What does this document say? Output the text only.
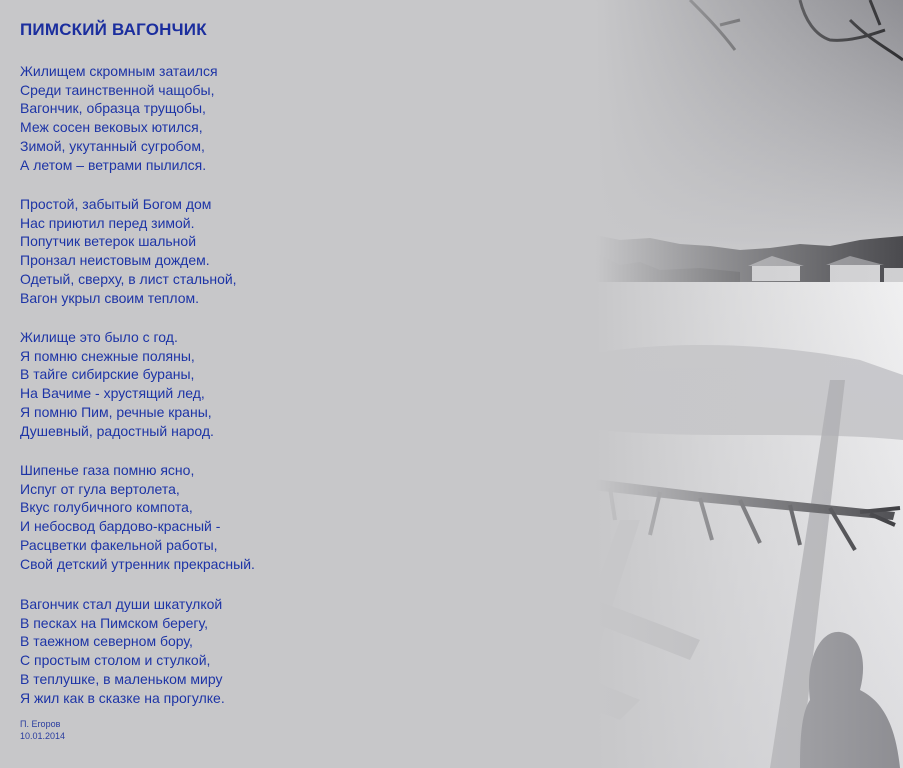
ПИМСКИЙ ВАГОНЧИК
Жилищем скромным затаился
Среди таинственной чащобы,
Вагончик, образца трущобы,
Меж сосен вековых ютился,
Зимой, укутанный сугробом,
А летом – ветрами пылился.
Простой, забытый Богом дом
Нас приютил перед зимой.
Попутчик ветерок шальной
Пронзал неистовым дождем.
Одетый, сверху, в лист стальной,
Вагон укрыл своим теплом.
Жилище это было с год.
Я помню снежные поляны,
В тайге сибирские бураны,
На Вачиме - хрустящий лед,
Я помню Пим, речные краны,
Душевный, радостный народ.
Шипенье газа помню ясно,
Испуг от гула вертолета,
Вкус голубичного компота,
И небосвод бардово-красный -
Расцветки факельной работы,
Свой детский утренник прекрасный.
Вагончик стал души шкатулкой
В песках на Пимском берегу,
В таежном северном бору,
С простым столом и стулкой,
В теплушке, в маленьком миру
Я жил как в сказке на прогулке.
П. Егоров
10.01.2014
